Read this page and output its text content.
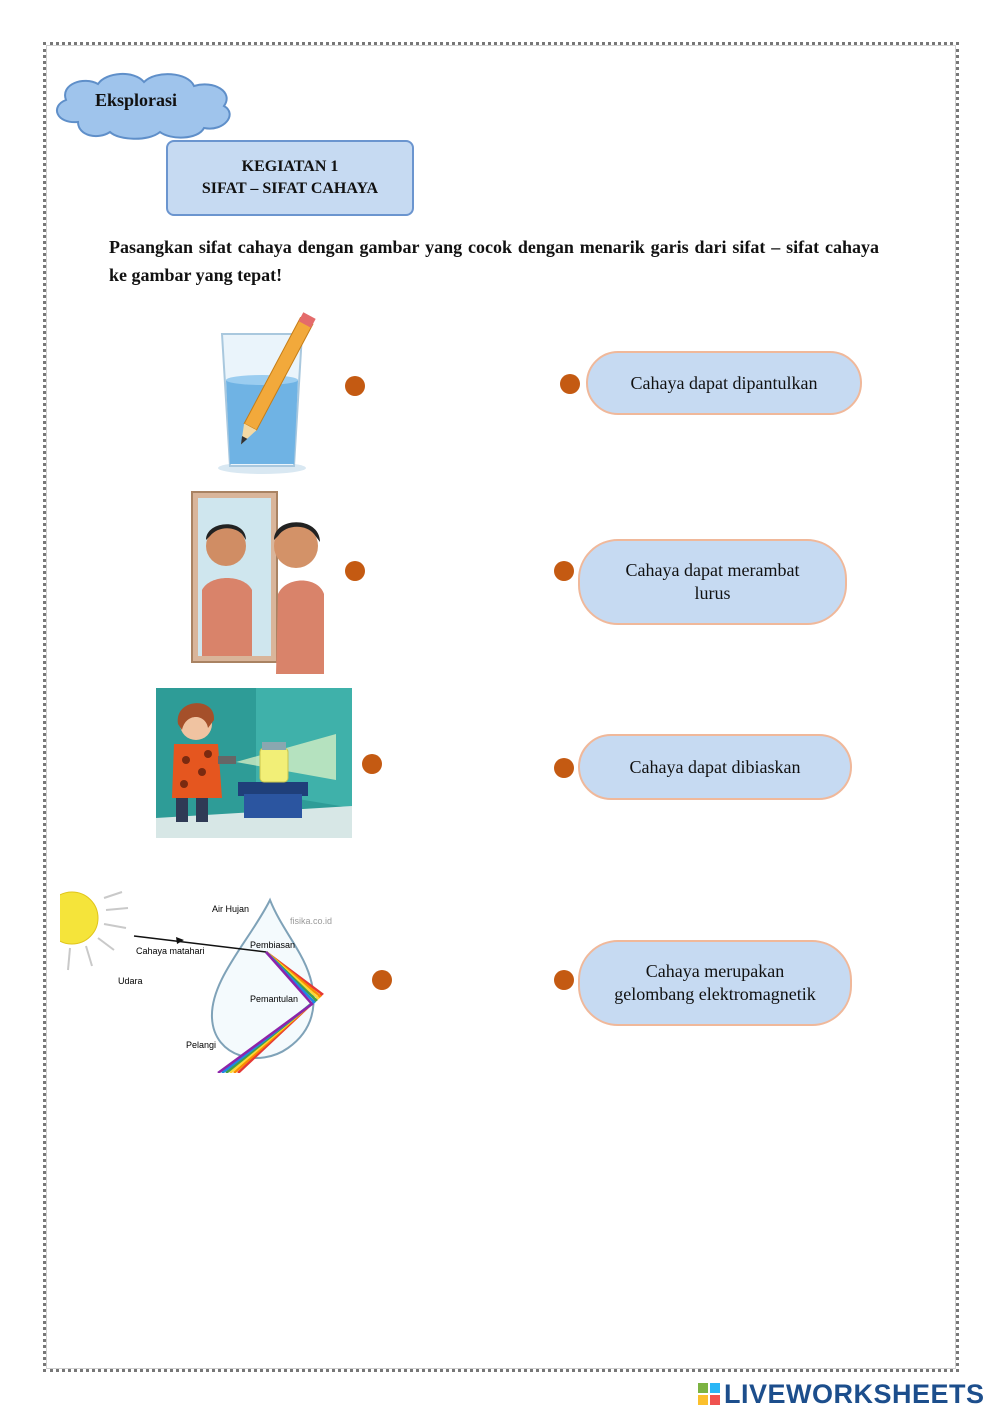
Eksplorasi
KEGIATAN 1
SIFAT – SIFAT CAHAYA
Pasangkan sifat cahaya dengan gambar yang cocok dengan menarik garis dari sifat – sifat cahaya ke gambar yang tepat!
Air Hujan
fisika.co.id
Cahaya matahari
Pembiasan
Udara
Pemantulan
Pelangi
Cahaya dapat dipantulkan
Cahaya dapat merambat
lurus
Cahaya dapat dibiaskan
Cahaya merupakan
gelombang elektromagnetik
LIVEWORKSHEETS
